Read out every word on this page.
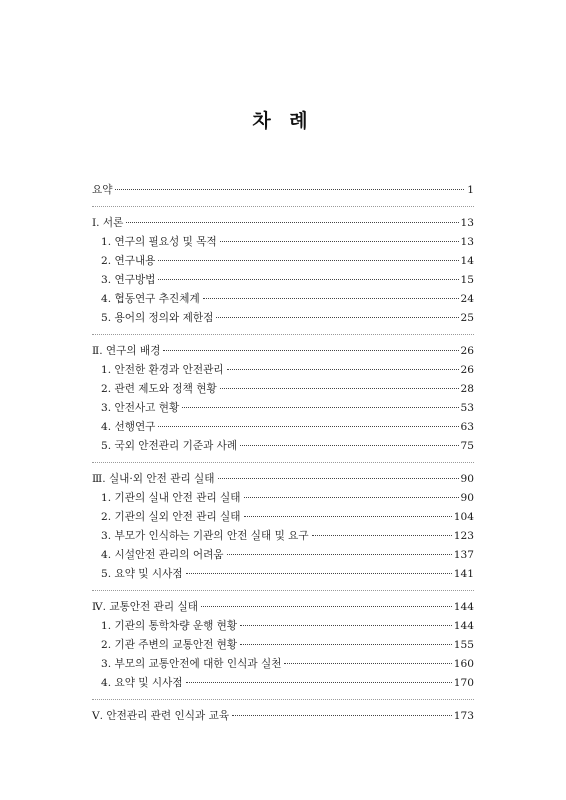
차 례
요약	1
Ⅰ. 서론	13
1. 연구의 필요성 및 목적	13
2. 연구내용	14
3. 연구방법	15
4. 협동연구 추진체계	24
5. 용어의 정의와 제한점	25
Ⅱ. 연구의 배경	26
1. 안전한 환경과 안전관리	26
2. 관련 제도와 정책 현황	28
3. 안전사고 현황	53
4. 선행연구	63
5. 국외 안전관리 기준과 사례	75
Ⅲ. 실내·외 안전 관리 실태	90
1. 기관의 실내 안전 관리 실태	90
2. 기관의 실외 안전 관리 실태	104
3. 부모가 인식하는 기관의 안전 실태 및 요구	123
4. 시설안전 관리의 어려움	137
5. 요약 및 시사점	141
Ⅳ. 교통안전 관리 실태	144
1. 기관의 통학차량 운행 현황	144
2. 기관 주변의 교통안전 현황	155
3. 부모의 교통안전에 대한 인식과 실천	160
4. 요약 및 시사점	170
Ⅴ. 안전관리 관련 인식과 교육	173
